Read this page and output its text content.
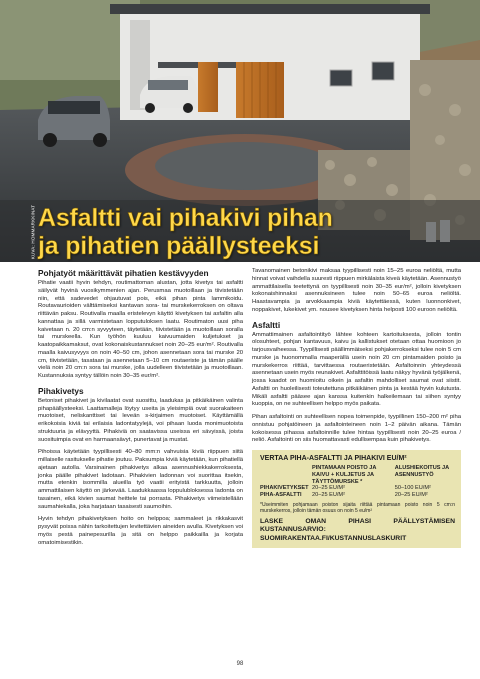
KUVA: HOMMARKKINAT Asfaltti vai pihakivi pihan
ja pihatien päällysteeksi
Pohjatyöt määrittävät pihatien kestävyyden

Pihatie vaatii hyvin tehdyn, routimattoman alustan, jotta kivetys tai asfaltti säilyvät hyvinä vuosikymmenien ajan. Perusmaa muotoillaan ja tiivistetään niin, että sadevedet ohjautuvat pois, eikä pihan pinta lammikoidu. Routavaurioiden välttämiseksi kantavan sora- tai murskekerroksen on oltava riittävän paksu. Routivalla maalla eristelevyn käyttö kivetyksen tai asfaltin alla kannattaa ja sillä varmistetaan lopputuloksen laatu. Routimaton uusi piha kaivetaan n. 20 cm:n syvyyteen, täytetään, tiivistetään ja muotoillaan soralla tai murskeella. Kun työhön kuuluu kaivuumaiden kuljetukset ja kaatopaikkamaksut, ovat kokonaiskustannukset noin 20–25 eur/m². Routivalla maalla kaivusyvyys on noin 40–50 cm, johon asennetaan sora tai murske 20 cm, tiivistetään, tasataan ja asennetaan 5–10 cm routaeriste ja tämän päälle vielä noin 20 cm:n sora tai murske, jolla uudelleen tiivistetään ja muotoillaan. Kustannuksia syntyy tällöin noin 30–35 eur/m².

Pihakivetys

Betoniset pihakivet ja kivilaatat ovat suosittu, laadukas ja pitkäikäinen valinta pihapäällysteeksi. Laattamalleja löytyy useita ja yleisimpiä ovat suorakaiteen muotoiset, neliskanttiset tai leveän s-kirjaimen muotoiset. Käyttämällä erikokoisia kiviä tai erilaisia ladontatyylejä, voi pihaan luoda monimuotoista struktuuria ja elävyyttä. Pihakiviä on saatavissa useissa eri sävyissä, joista suosituimpia ovat en harmaansävyt, punertavat ja mustat.

Pihoissa käytetään tyypillisesti 40–80 mm:n vahvuisia kiviä riippuen siitä millaiselle rasitukselle pihatie joutuu. Paksumpia kiviä käytetään, kun pihatiellä ajetaan autolla. Varsinainen pihakivetys alkaa asennushiekkakerroksesta, jonka päälle pihakivet ladotaan. Pihakivien ladonnan voi suorittaa itsekin, mutta etenkin isommilla alueilla työ vaatii erityistä tarkkuutta, jolloin ammattilaisen käyttö on järkevää. Laadukkaassa loppulubloksessa ladonta on tasainen, eikä kivien saumat heittele tai porrasta. Pihakivetys viimeistellään saumahiekalla, joka harjataan tasaisesti saumoihin.

Hyvin tehdyn pihakivetyksen hoito on helppoa; sammaleet ja rikkakasvit pysyvät poissa nähin tarkoitettujen levitettävien aineiden avulla. Kivetyksen voi myös pestä painepesurilla ja sitä on helppo paikkailla ja korjata omatoimisestikin.

Tavanomainen betonikivi maksaa tyypillisesti noin 15–25 euroa neliöltä, mutta hinnat voivat vaihdella suuresti riippuen mirkälaista kiveä käytetään. Asennustyö ammattilaisella teetettynä on tyypillisesti noin 30–35 eur/m², jolloin kivetyksen kokonaishinnaksi asennuksineen tulee noin 50–65 euroa neliöltä. Haastavampia ja arvokkaampia kiviä käytettäessä, kuten luonnonkivet, noppakivet, lukekivet ym. nousee kivetyksen hinta helposti 100 euroon neliöltä.

Asfaltti

Ammattimainen asfaltointityö lähtee kohteen kartoituksesta, jolloin tontin olosuhteet, pohjan kantavuus, kaivu ja kallistukset otetaan ottaa huomioon jo tarjousvaiheessa. Tyypillisesti päällimmäiseksi pohjakerrokseksi tulee noin 5 cm murske ja huonommalla maaperällä usein noin 20 cm pintamaiden poisto ja murskekerros riittää, tarvittaessa routaeristetään. Asfaltoinnin yhteydessä asennetaan usein myös reunakivet. Asfalttitöissä laatu näkyy hyvänä työjälkenä, jossa kaadot on huomioitu oikein ja asfaltin mahdolliset saumat ovat siistit. Asfaltti on huoleilisesti toteutettuna pitkäikäinen pinta ja kestää hyvin kulutusta. Mikäli asfaltti pääsee ajan kanssa kuitenkin halkeilemaan tai siihen syntyy kuoppia, on ne suhteellisen helppo myös paikata.

Pihan asfaltointi on suhteellisen nopea toimenpide, tyypillinen 150–200 m² piha onnistuu pohjatöineen ja asfaltointeineen noin 1–2 päivän aikana. Tämän kokoisessa pihassa asfaltoinnille tulee hintaa tyypillisesti noin 20–25 euroa / neliö. Asfaltointi on siis huomattavasti edullisempaa kuin pihakivetys.

VERTAA PIHA-ASFALTTI JA PIHAKIVI EU/M²
	PINTAMAAN POISTO JA KAIVU + KULJETUS JA TÄYTTÖMURSKE *	ALUSHIEKOITUS JA ASENNUSTYÖ
PIHAKIVETYKSET	20–25 EU/M²	50–100 EU/M²
PIHA-ASFALTTI	20–25 EU/M²	20–25 EU/M²
*Useimmiten pohjamaan poiston sijaita riittää pintamaan poisto noin 5 cm:n murskekerros, jolloin tämän osuus on noin 5 eu/m²
LASKE OMAN PIHASI PÄÄLLYSTÄMISEN KUSTANNUSARVIO: SUOMIRAKENTAA.FI/KUSTANNUSLASKURIT
98
